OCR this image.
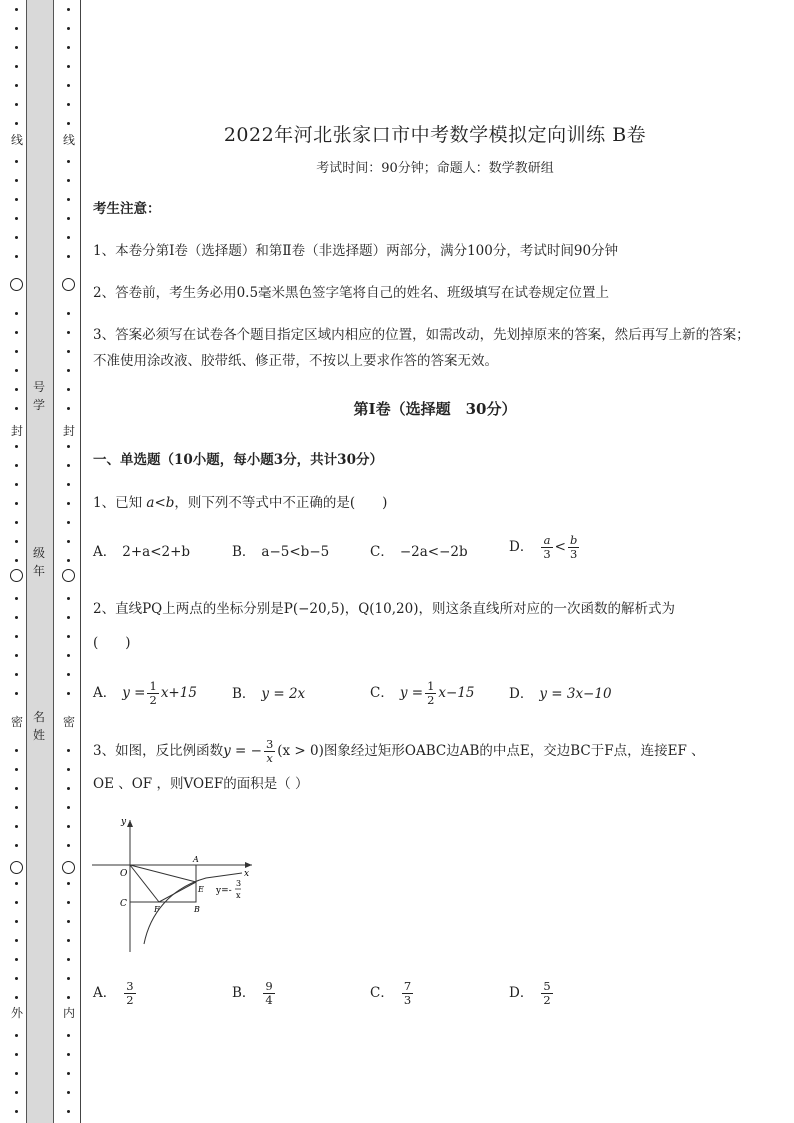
线
封
密
外
线
封
密
内
号
学
级
年
名
姓
2022年河北张家口市中考数学模拟定向训练 B卷
考试时间：90分钟；命题人：数学教研组
考生注意：
1、本卷分第I卷（选择题）和第Ⅱ卷（非选择题）两部分，满分100分，考试时间90分钟
2、答卷前，考生务必用0.5毫米黑色签字笔将自己的姓名、班级填写在试卷规定位置上
3、答案必须写在试卷各个题目指定区域内相应的位置，如需改动，先划掉原来的答案，然后再写上新的答案；不准使用涂改液、胶带纸、修正带，不按以上要求作答的答案无效。
第I卷（选择题　30分）
一、单选题（10小题，每小题3分，共计30分）
1、已知 a<b，则下列不等式中不正确的是(　　)
A． 2+a<2+b	B． a−5<b−5	C． −2a<−2b	D． $\frac{a}{3} < \frac{b}{3}$
2、直线PQ上两点的坐标分别是P(−20,5)，Q(10,20)，则这条直线所对应的一次函数的解析式为
(　　)
A． $y = \frac{1}{2} x+15$	B． y = 2x	C． $y = \frac{1}{2} x-15$	D． y = 3x−10
3、如图，反比例函数y = − $\frac{3}{x} (x > 0)$图象经过矩形OABC边AB的中点E，交边BC于F点，连接EF 、
OE 、OF ，则VOEF的面积是（ ）
y
x
O
A
E
C
F	B
y=-
3
x
A． $\frac{3}{2}$	B． $\frac{9}{4}$	C． $\frac{7}{3}$	D． $\frac{5}{2}$
